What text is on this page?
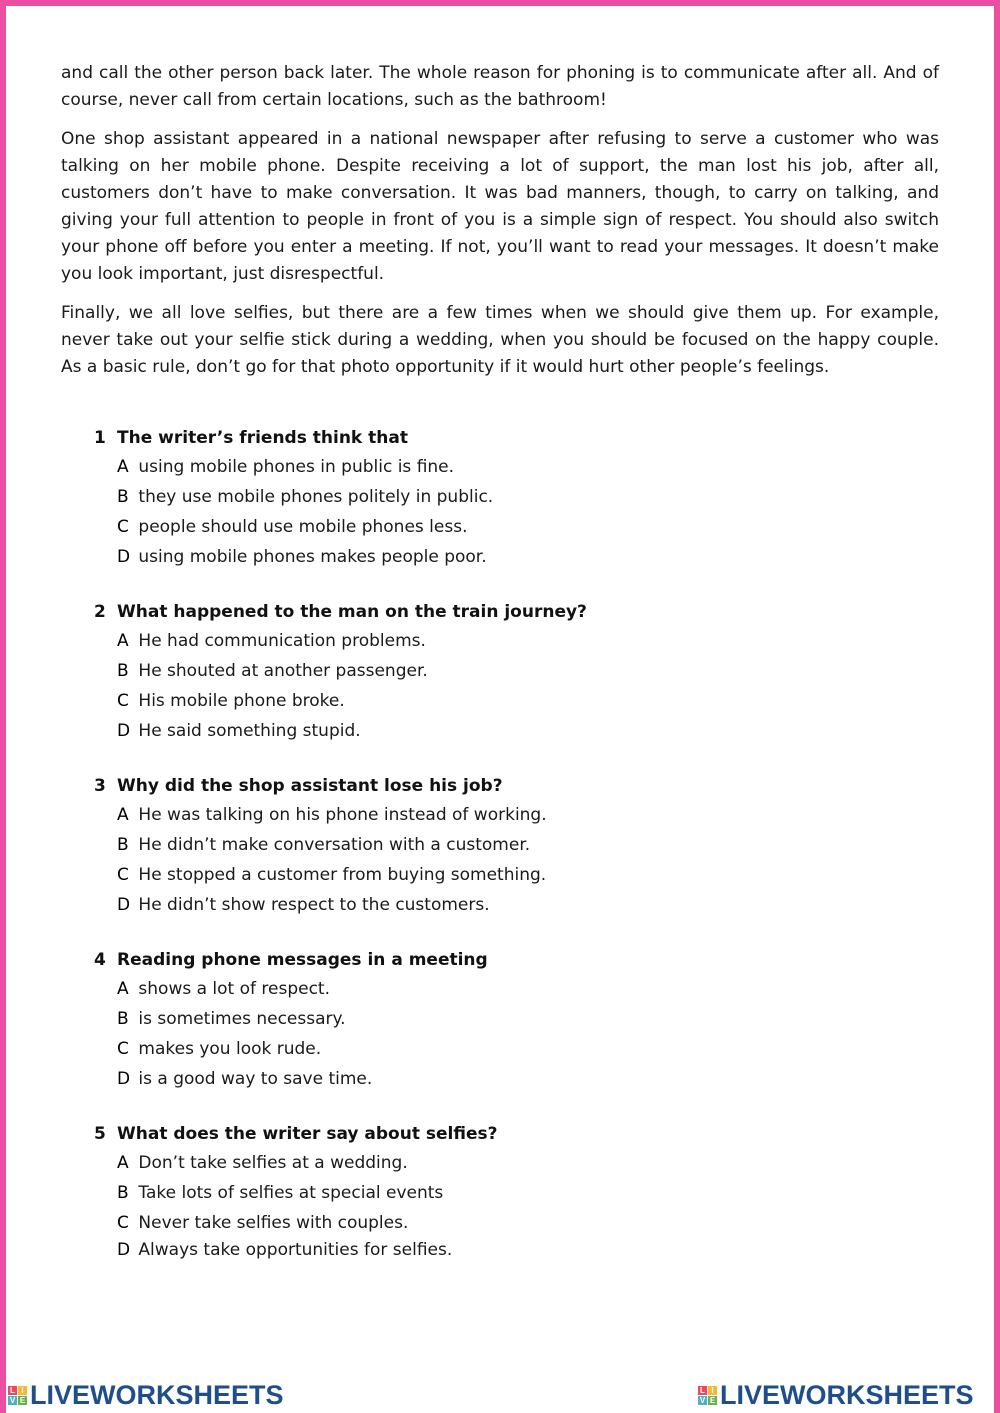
and call the other person back later. The whole reason for phoning is to communicate after all. And of course, never call from certain locations, such as the bathroom!

One shop assistant appeared in a national newspaper after refusing to serve a customer who was talking on her mobile phone. Despite receiving a lot of support, the man lost his job, after all, customers don’t have to make conversation. It was bad manners, though, to carry on talking, and giving your full attention to people in front of you is a simple sign of respect. You should also switch your phone off before you enter a meeting. If not, you’ll want to read your messages. It doesn’t make you look important, just disrespectful.

Finally, we all love selfies, but there are a few times when we should give them up. For example, never take out your selfie stick during a wedding, when you should be focused on the happy couple. As a basic rule, don’t go for that photo opportunity if it would hurt other people’s feelings.

1 The writer’s friends think that
A using mobile phones in public is fine.
B they use mobile phones politely in public.
C people should use mobile phones less.
D using mobile phones makes people poor.
2 What happened to the man on the train journey?
A He had communication problems.
B He shouted at another passenger.
C His mobile phone broke.
D He said something stupid.
3 Why did the shop assistant lose his job?
A He was talking on his phone instead of working.
B He didn’t make conversation with a customer.
C He stopped a customer from buying something.
D He didn’t show respect to the customers.
4 Reading phone messages in a meeting
A shows a lot of respect.
B is sometimes necessary.
C makes you look rude.
D is a good way to save time.
5 What does the writer say about selfies?
A Don’t take selfies at a wedding.
B Take lots of selfies at special events
C Never take selfies with couples.
D Always take opportunities for selfies.
L I
V E LIVEWORKSHEETS	L I
V E LIVEWORKSHEETS
